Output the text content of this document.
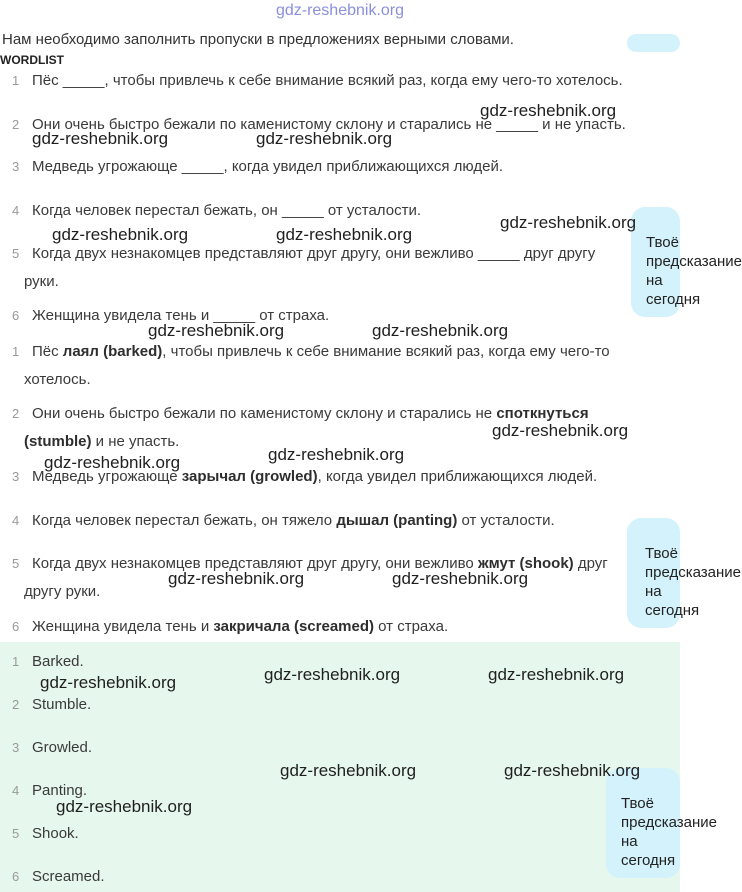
gdz-reshebnik.org
Нам необходимо заполнить пропуски в предложениях верными словами.
WORDLIST
1 Пёс _____, чтобы привлечь к себе внимание всякий раз, когда ему чего-то хотелось.
2 Они очень быстро бежали по каменистому склону и старались не _____ и не упасть.
3 Медведь угрожающе _____, когда увидел приближающихся людей.
4 Когда человек перестал бежать, он _____ от усталости.
5 Когда двух незнакомцев представляют друг другу, они вежливо _____ друг другу
руки.
6 Женщина увидела тень и _____ от страха.
1 Пёс лаял (barked), чтобы привлечь к себе внимание всякий раз, когда ему чего-то
хотелось.
2 Они очень быстро бежали по каменистому склону и старались не споткнуться
(stumble) и не упасть.
3 Медведь угрожающе зарычал (growled), когда увидел приближающихся людей.
4 Когда человек перестал бежать, он тяжело дышал (panting) от усталости.
5 Когда двух незнакомцев представляют друг другу, они вежливо жмут (shook) друг
другу руки.
6 Женщина увидела тень и закричала (screamed) от страха.
1 Barked.
2 Stumble.
3 Growled.
4 Panting.
5 Shook.
6 Screamed.
Твоё
предсказание
на сегодня
Твоё
предсказание
на сегодня
Твоё
предсказание
на сегодня
gdz-reshebnik.org
gdz-reshebnik.org	gdz-reshebnik.org
gdz-reshebnik.org
gdz-reshebnik.org	gdz-reshebnik.org
gdz-reshebnik.org	gdz-reshebnik.org
gdz-reshebnik.org
gdz-reshebnik.org
gdz-reshebnik.org
gdz-reshebnik.org	gdz-reshebnik.org
gdz-reshebnik.org	gdz-reshebnik.org
gdz-reshebnik.org
gdz-reshebnik.org	gdz-reshebnik.org
gdz-reshebnik.org
